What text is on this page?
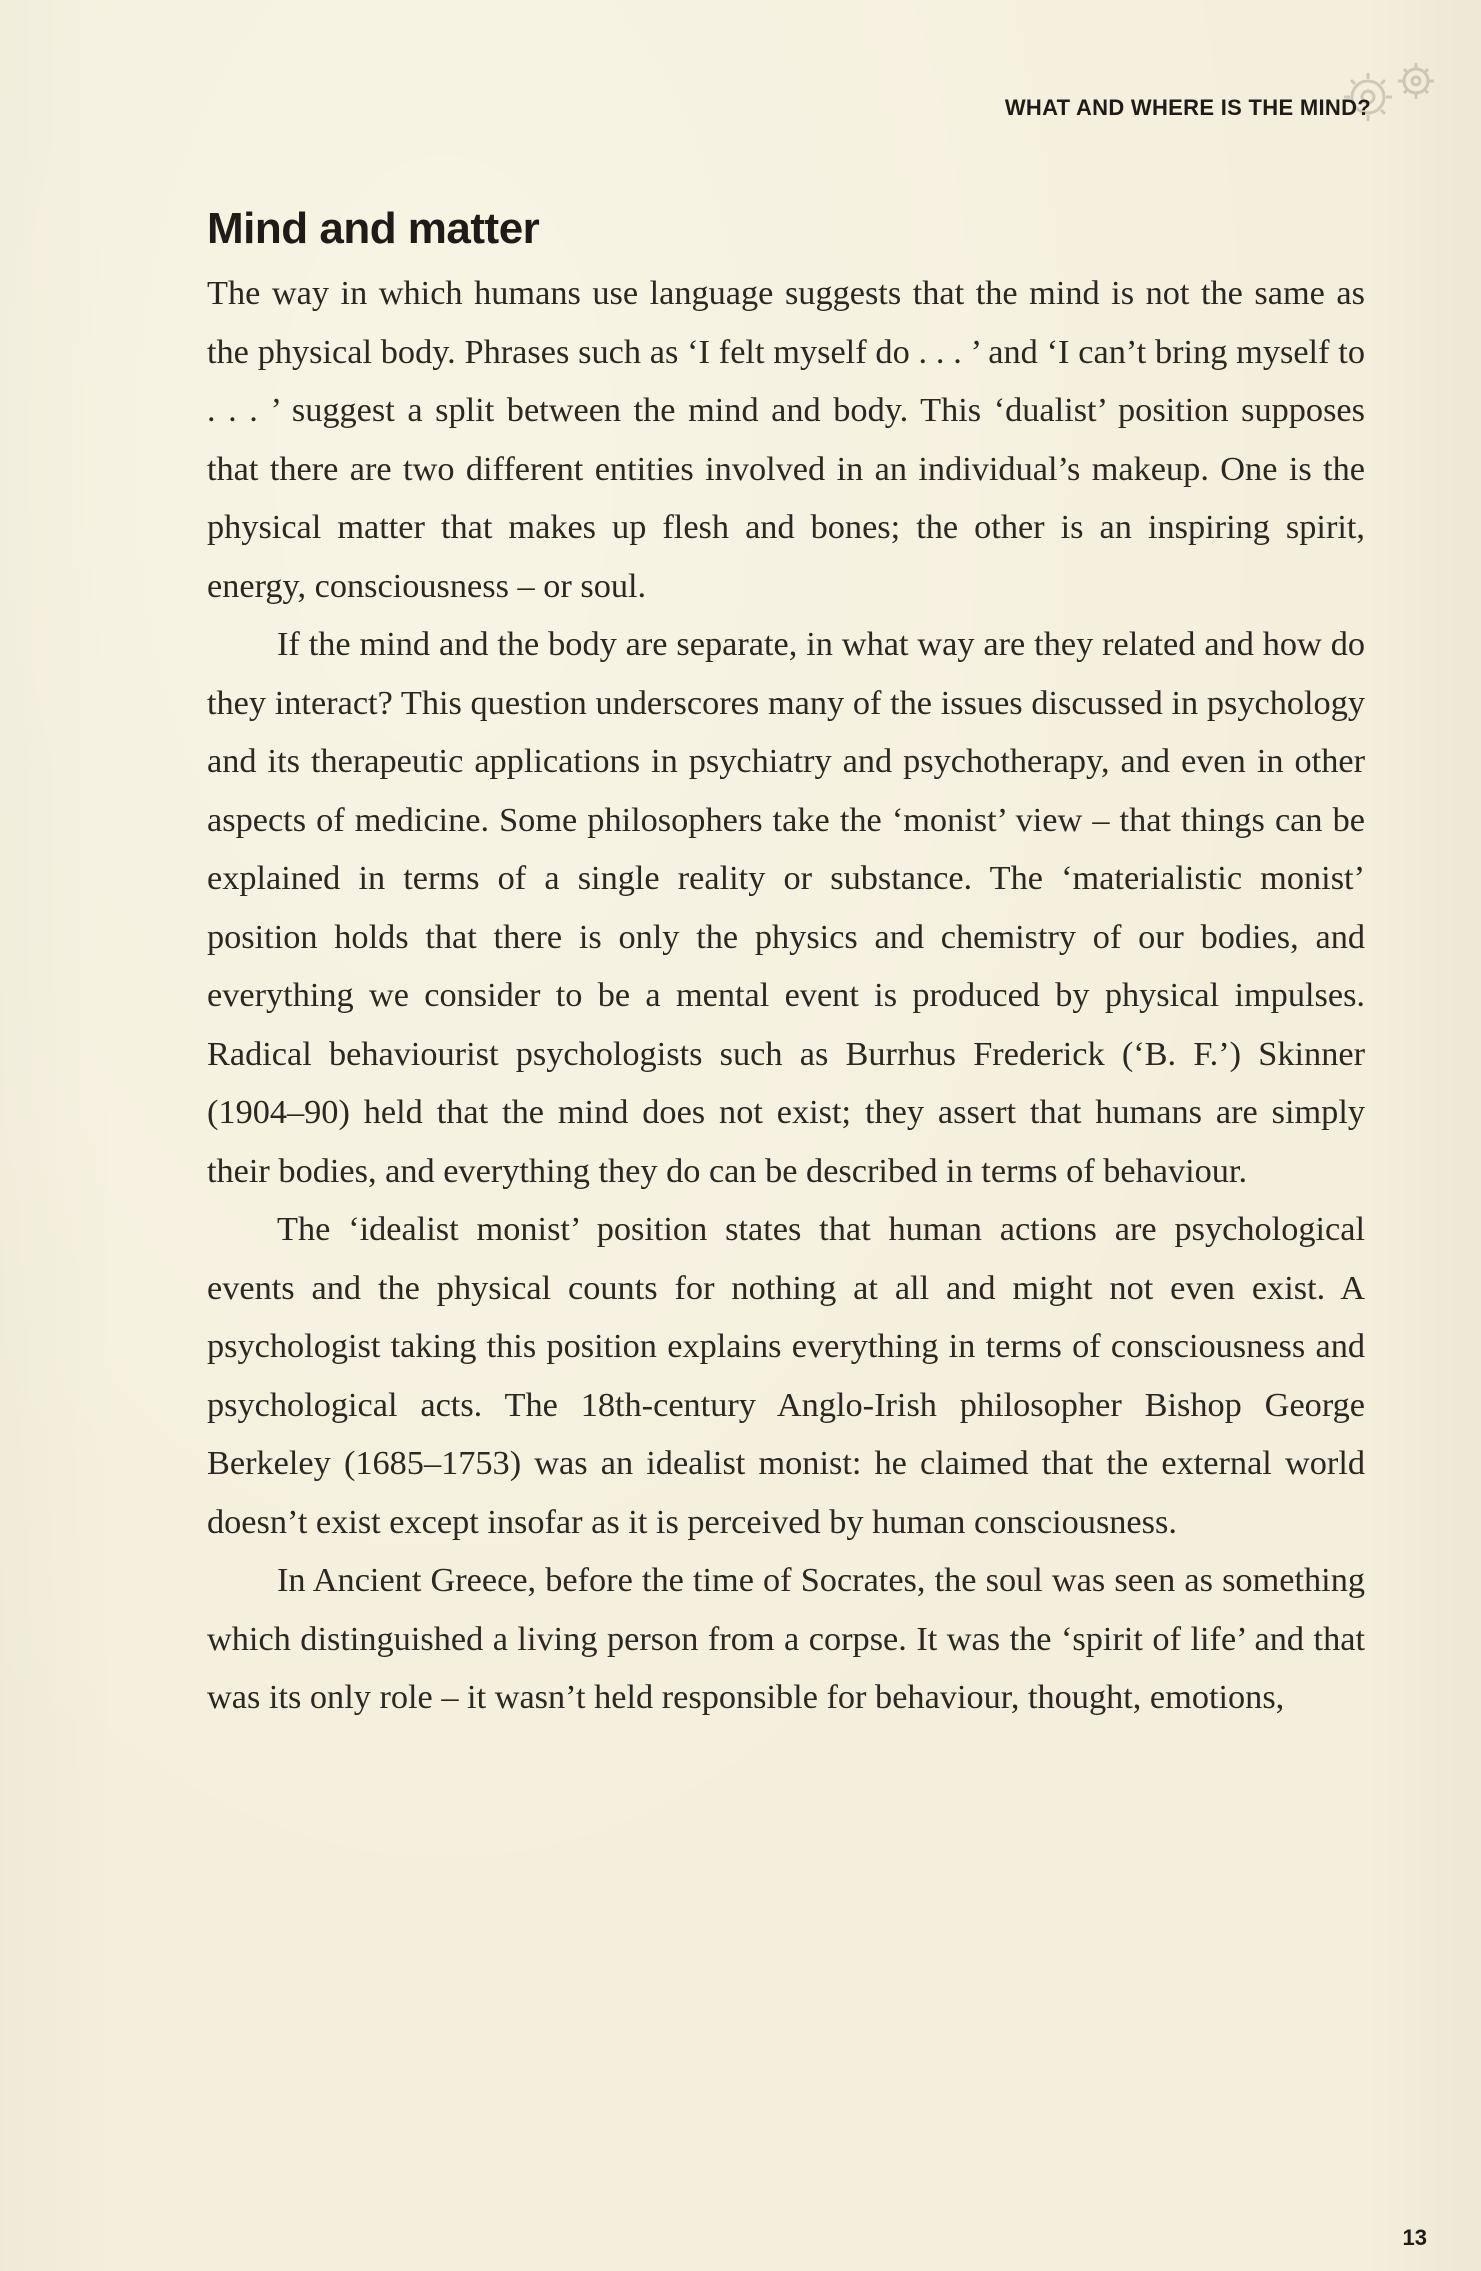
WHAT AND WHERE IS THE MIND?
Mind and matter

The way in which humans use language suggests that the mind is not the same as the physical body. Phrases such as ‘I felt myself do . . . ’ and ‘I can’t bring myself to . . . ’ suggest a split between the mind and body. This ‘dualist’ position supposes that there are two different entities involved in an individual’s makeup. One is the physical matter that makes up flesh and bones; the other is an inspiring spirit, energy, consciousness – or soul.

If the mind and the body are separate, in what way are they related and how do they interact? This question underscores many of the issues discussed in psychology and its therapeutic applications in psychiatry and psychotherapy, and even in other aspects of medicine. Some philosophers take the ‘monist’ view – that things can be explained in terms of a single reality or substance. The ‘materialistic monist’ position holds that there is only the physics and chemistry of our bodies, and everything we consider to be a mental event is produced by physical impulses. Radical behaviourist psychologists such as Burrhus Frederick (‘B. F.’) Skinner (1904–90) held that the mind does not exist; they assert that humans are simply their bodies, and everything they do can be described in terms of behaviour.

The ‘idealist monist’ position states that human actions are psychological events and the physical counts for nothing at all and might not even exist. A psychologist taking this position explains everything in terms of consciousness and psychological acts. The 18th-century Anglo-Irish philosopher Bishop George Berkeley (1685–1753) was an idealist monist: he claimed that the external world doesn’t exist except insofar as it is perceived by human consciousness.

In Ancient Greece, before the time of Socrates, the soul was seen as something which distinguished a living person from a corpse. It was the ‘spirit of life’ and that was its only role – it wasn’t held responsible for behaviour, thought, emotions,

13
